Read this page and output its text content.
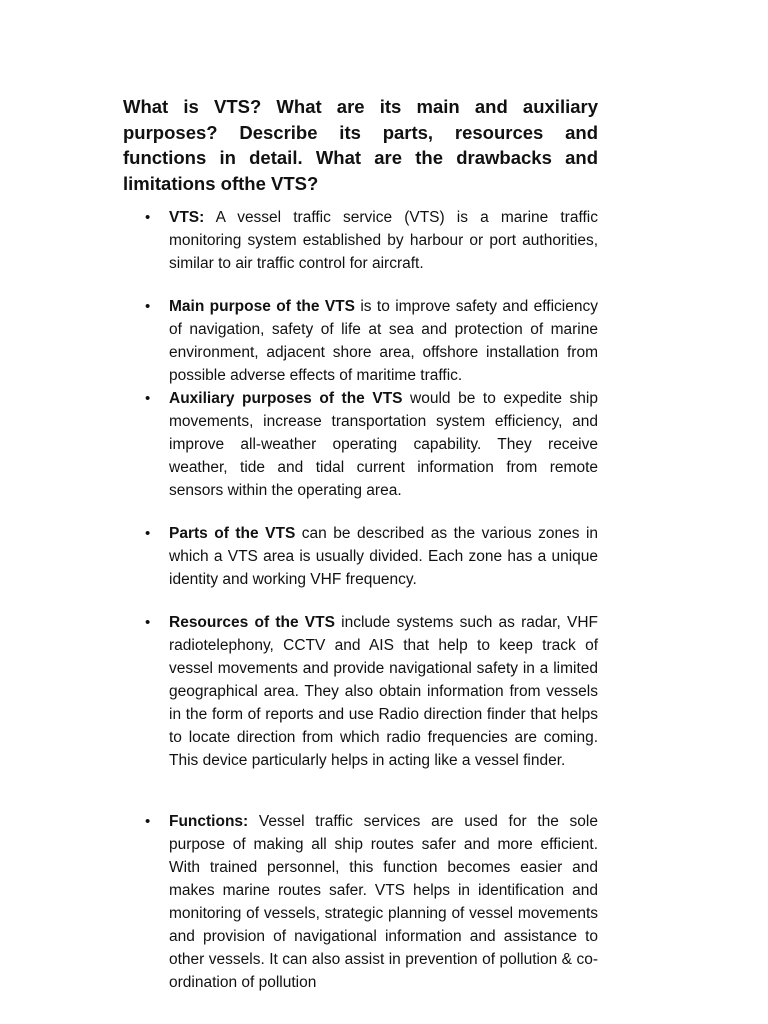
What is VTS? What are its main and auxiliary purposes? Describe its parts, resources and functions in detail. What are the drawbacks and limitations ofthe VTS?

• VTS: A vessel traffic service (VTS) is a marine traffic monitoring system established by harbour or port authorities, similar to air traffic control for aircraft.
• Main purpose of the VTS is to improve safety and efficiency of navigation, safety of life at sea and protection of marine environment, adjacent shore area, offshore installation from possible adverse effects of maritime traffic.
• Auxiliary purposes of the VTS would be to expedite ship movements, increase transportation system efficiency, and improve all-weather operating capability. They receive weather, tide and tidal current information from remote sensors within the operating area.
• Parts of the VTS can be described as the various zones in which a VTS area is usually divided. Each zone has a unique identity and working VHF frequency.
• Resources of the VTS include systems such as radar, VHF radiotelephony, CCTV and AIS that help to keep track of vessel movements and provide navigational safety in a limited geographical area. They also obtain information from vessels in the form of reports and use Radio direction finder that helps to locate direction from which radio frequencies are coming. This device particularly helps in acting like a vessel finder.
• Functions: Vessel traffic services are used for the sole purpose of making all ship routes safer and more efficient. With trained personnel, this function becomes easier and makes marine routes safer. VTS helps in identification and monitoring of vessels, strategic planning of vessel movements and provision of navigational information and assistance to other vessels. It can also assist in prevention of pollution & co-ordination of pollution
